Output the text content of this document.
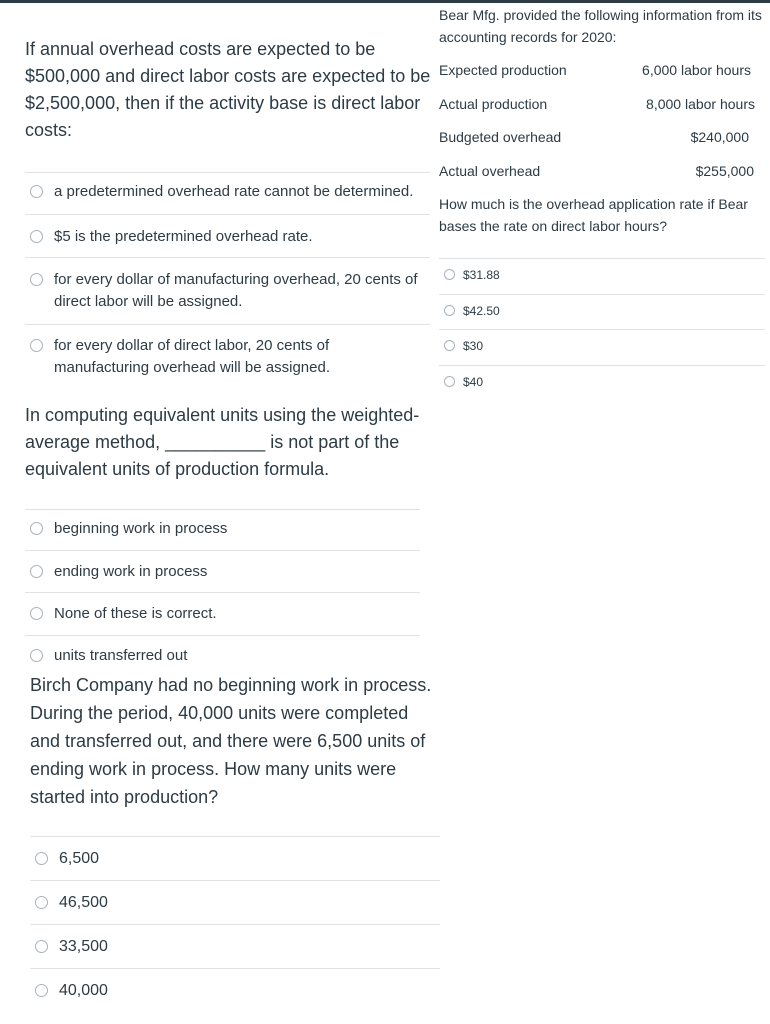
If annual overhead costs are expected to be $500,000 and direct labor costs are expected to be $2,500,000, then if the activity base is direct labor costs:
a predetermined overhead rate cannot be determined.
$5 is the predetermined overhead rate.
for every dollar of manufacturing overhead, 20 cents of direct labor will be assigned.
for every dollar of direct labor, 20 cents of manufacturing overhead will be assigned.
In computing equivalent units using the weighted-average method, __________ is not part of the equivalent units of production formula.
beginning work in process
ending work in process
None of these is correct.
units transferred out
Birch Company had no beginning work in process. During the period, 40,000 units were completed and transferred out, and there were 6,500 units of ending work in process. How many units were started into production?
6,500
46,500
33,500
40,000
Bear Mfg. provided the following information from its accounting records for 2020:
Expected production	6,000 labor hours
Actual production	8,000 labor hours
Budgeted overhead	$240,000
Actual overhead	$255,000
How much is the overhead application rate if Bear bases the rate on direct labor hours?
$31.88
$42.50
$30
$40
